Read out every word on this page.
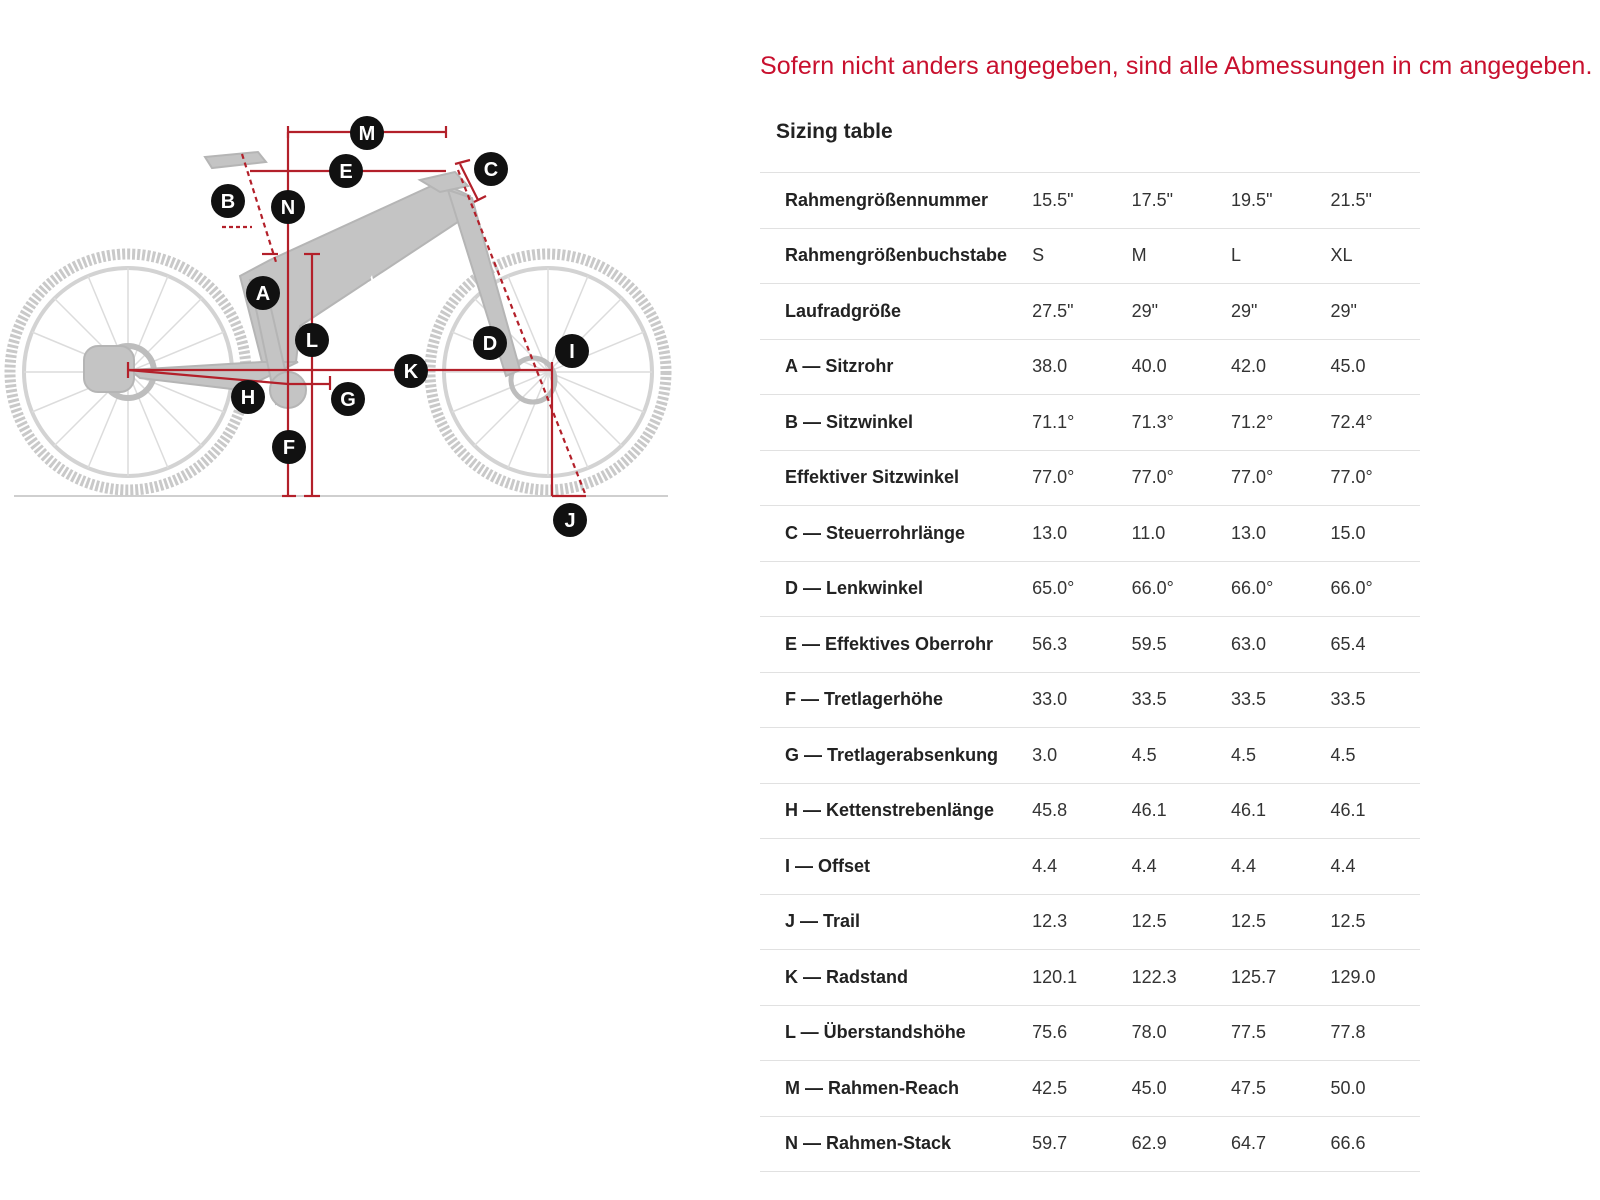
Sofern nicht anders angegeben, sind alle Abmessungen in cm angegeben.
TREK
M
E	C
B N
A
L	D	I
K
H	G
F
J
Sizing table
Rahmengrößennummer	15.5"	17.5"	19.5"	21.5"
Rahmengrößenbuchstabe	S	M	L	XL
Laufradgröße	27.5"	29"	29"	29"
A — Sitzrohr	38.0	40.0	42.0	45.0
B — Sitzwinkel	71.1°	71.3°	71.2°	72.4°
Effektiver Sitzwinkel	77.0°	77.0°	77.0°	77.0°
C — Steuerrohrlänge	13.0	11.0	13.0	15.0
D — Lenkwinkel	65.0°	66.0°	66.0°	66.0°
E — Effektives Oberrohr	56.3	59.5	63.0	65.4
F — Tretlagerhöhe	33.0	33.5	33.5	33.5
G — Tretlagerabsenkung	3.0	4.5	4.5	4.5
H — Kettenstrebenlänge	45.8	46.1	46.1	46.1
I — Offset	4.4	4.4	4.4	4.4
J — Trail	12.3	12.5	12.5	12.5
K — Radstand	120.1	122.3	125.7	129.0
L — Überstandshöhe	75.6	78.0	77.5	77.8
M — Rahmen-Reach	42.5	45.0	47.5	50.0
N — Rahmen-Stack	59.7	62.9	64.7	66.6
